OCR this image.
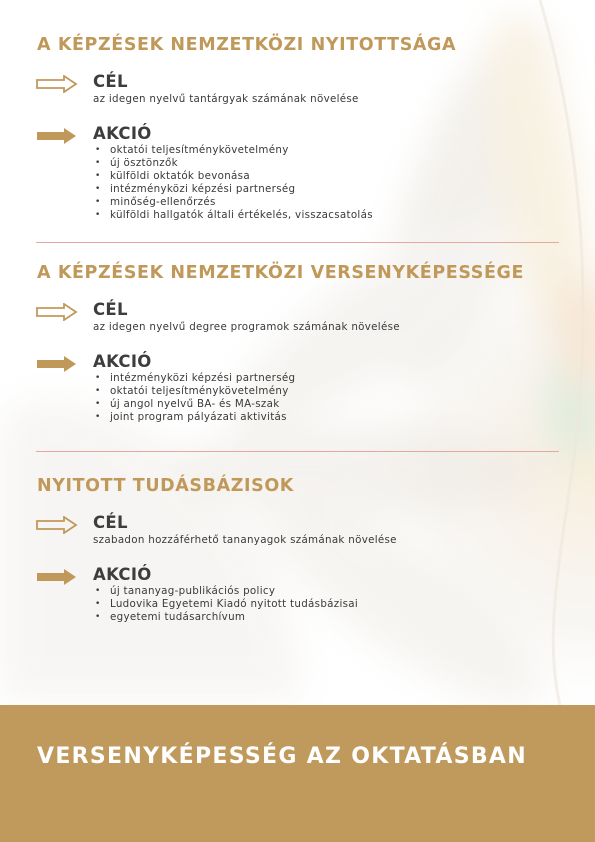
A KÉPZÉSEK NEMZETKÖZI NYITOTTSÁGA
CÉL
az idegen nyelvű tantárgyak számának növelése
AKCIÓ
• oktatói teljesítménykövetelmény
• új ösztönzők
• külföldi oktatók bevonása
• intézményközi képzési partnerség
• minőség-ellenőrzés
• külföldi hallgatók általi értékelés, visszacsatolás
A KÉPZÉSEK NEMZETKÖZI VERSENYKÉPESSÉGE
CÉL
az idegen nyelvű degree programok számának növelése
AKCIÓ
• intézményközi képzési partnerség
• oktatói teljesítménykövetelmény
• új angol nyelvű BA- és MA-szak
• joint program pályázati aktivitás
NYITOTT TUDÁSBÁZISOK
CÉL
szabadon hozzáférhető tananyagok számának növelése
AKCIÓ
• új tananyag-publikációs policy
• Ludovika Egyetemi Kiadó nyitott tudásbázisai
• egyetemi tudásarchívum
VERSENYKÉPESSÉG AZ OKTATÁSBAN
